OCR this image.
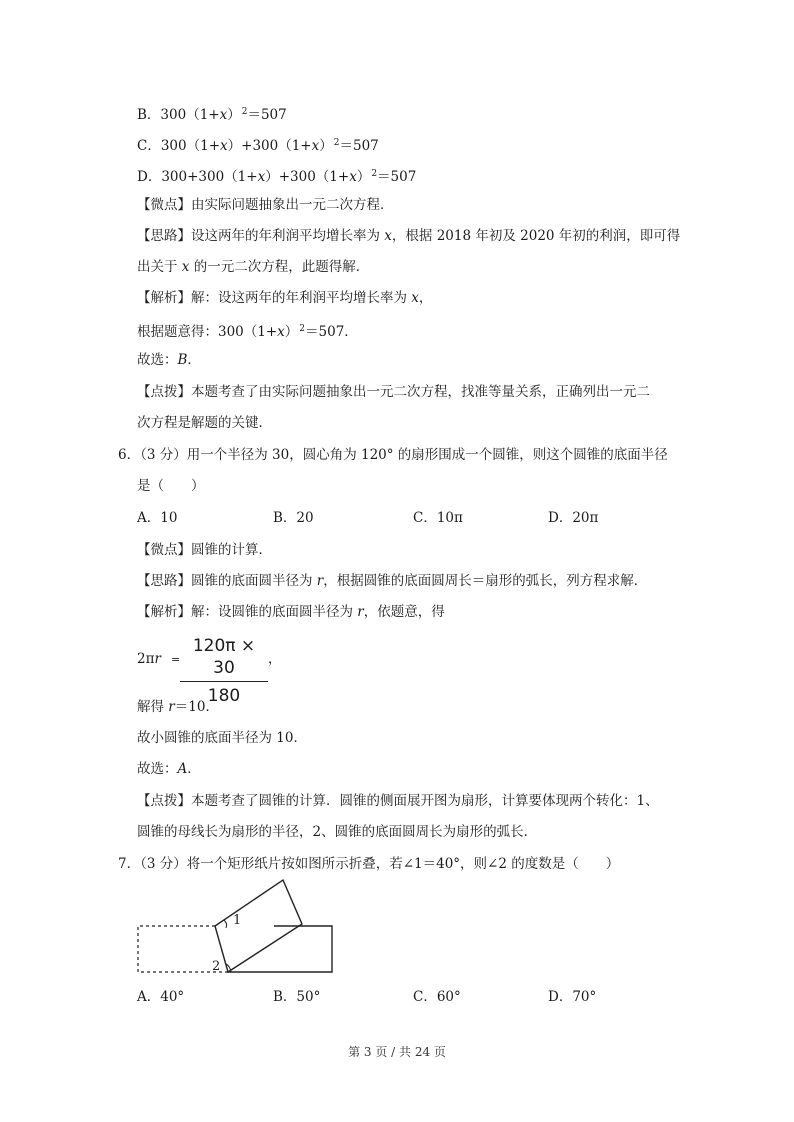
B．$300(1+x)^2=507$
C．$300(1+x)+300(1+x)^2=507$
D．$300+300(1+x)+300(1+x)^2=507$
【微点】由实际问题抽象出一元二次方程．
【思路】设这两年的年利润平均增长率为 x，根据 2018 年初及 2020 年初的利润，即可得
出关于 x 的一元二次方程，此题得解．
【解析】解：设这两年的年利润平均增长率为 x，
根据题意得：$300(1+x)^2=507$．
故选：B．
【点拨】本题考查了由实际问题抽象出一元二次方程，找准等量关系，正确列出一元二
次方程是解题的关键．
6．（3 分）用一个半径为 30，圆心角为 120° 的扇形围成一个圆锥，则这个圆锥的底面半径
是（　　）
A．10	B．20	C．10π	D．20π
【微点】圆锥的计算．
【思路】圆锥的底面圆半径为 r，根据圆锥的底面圆周长＝扇形的弧长，列方程求解．
【解析】解：设圆锥的底面圆半径为 r，依题意，得
2πr =
120π × 30
180
，
解得 r＝10．
故小圆锥的底面半径为 10．
故选：A．
【点拨】本题考查了圆锥的计算．圆锥的侧面展开图为扇形，计算要体现两个转化：1、
圆锥的母线长为扇形的半径，2、圆锥的底面圆周长为扇形的弧长．
7．（3 分）将一个矩形纸片按如图所示折叠，若∠1＝40°，则∠2 的度数是（　　）
1
2
A．40°	B．50°	C．60°	D．70°
第 3 页 / 共 24 页
